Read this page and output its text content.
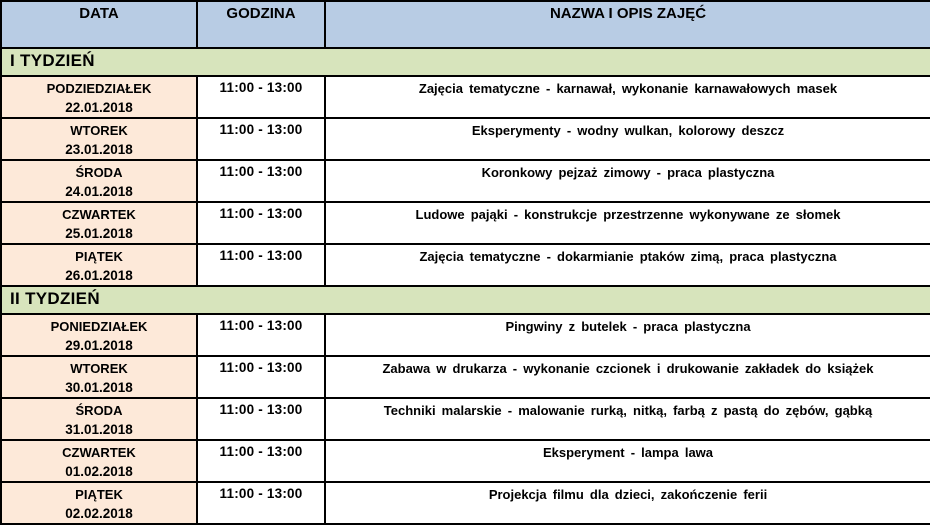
DATA	GODZINA	NAZWA I OPIS ZAJĘĆ
I TYDZIEŃ		

PODZIEDZIAŁEK
22.01.2018	11:00 - 13:00	Zajęcia tematyczne - karnawał, wykonanie karnawałowych masek

WTOREK
23.01.2018	11:00 - 13:00	Eksperymenty - wodny wulkan, kolorowy deszcz

ŚRODA
24.01.2018	11:00 - 13:00	Koronkowy pejzaż zimowy - praca plastyczna

CZWARTEK
25.01.2018	11:00 - 13:00	Ludowe pająki - konstrukcje przestrzenne wykonywane ze słomek

PIĄTEK
26.01.2018	11:00 - 13:00	Zajęcia tematyczne - dokarmianie ptaków zimą, praca plastyczna
II TYDZIEŃ		

PONIEDZIAŁEK
29.01.2018	11:00 - 13:00	Pingwiny z butelek - praca plastyczna

WTOREK
30.01.2018	11:00 - 13:00	Zabawa w drukarza - wykonanie czcionek i drukowanie zakładek do książek

ŚRODA
31.01.2018	11:00 - 13:00	Techniki malarskie - malowanie rurką, nitką, farbą z pastą do zębów, gąbką

CZWARTEK
01.02.2018	11:00 - 13:00	Eksperyment - lampa lawa

PIĄTEK
02.02.2018	11:00 - 13:00	Projekcja filmu dla dzieci, zakończenie ferii
